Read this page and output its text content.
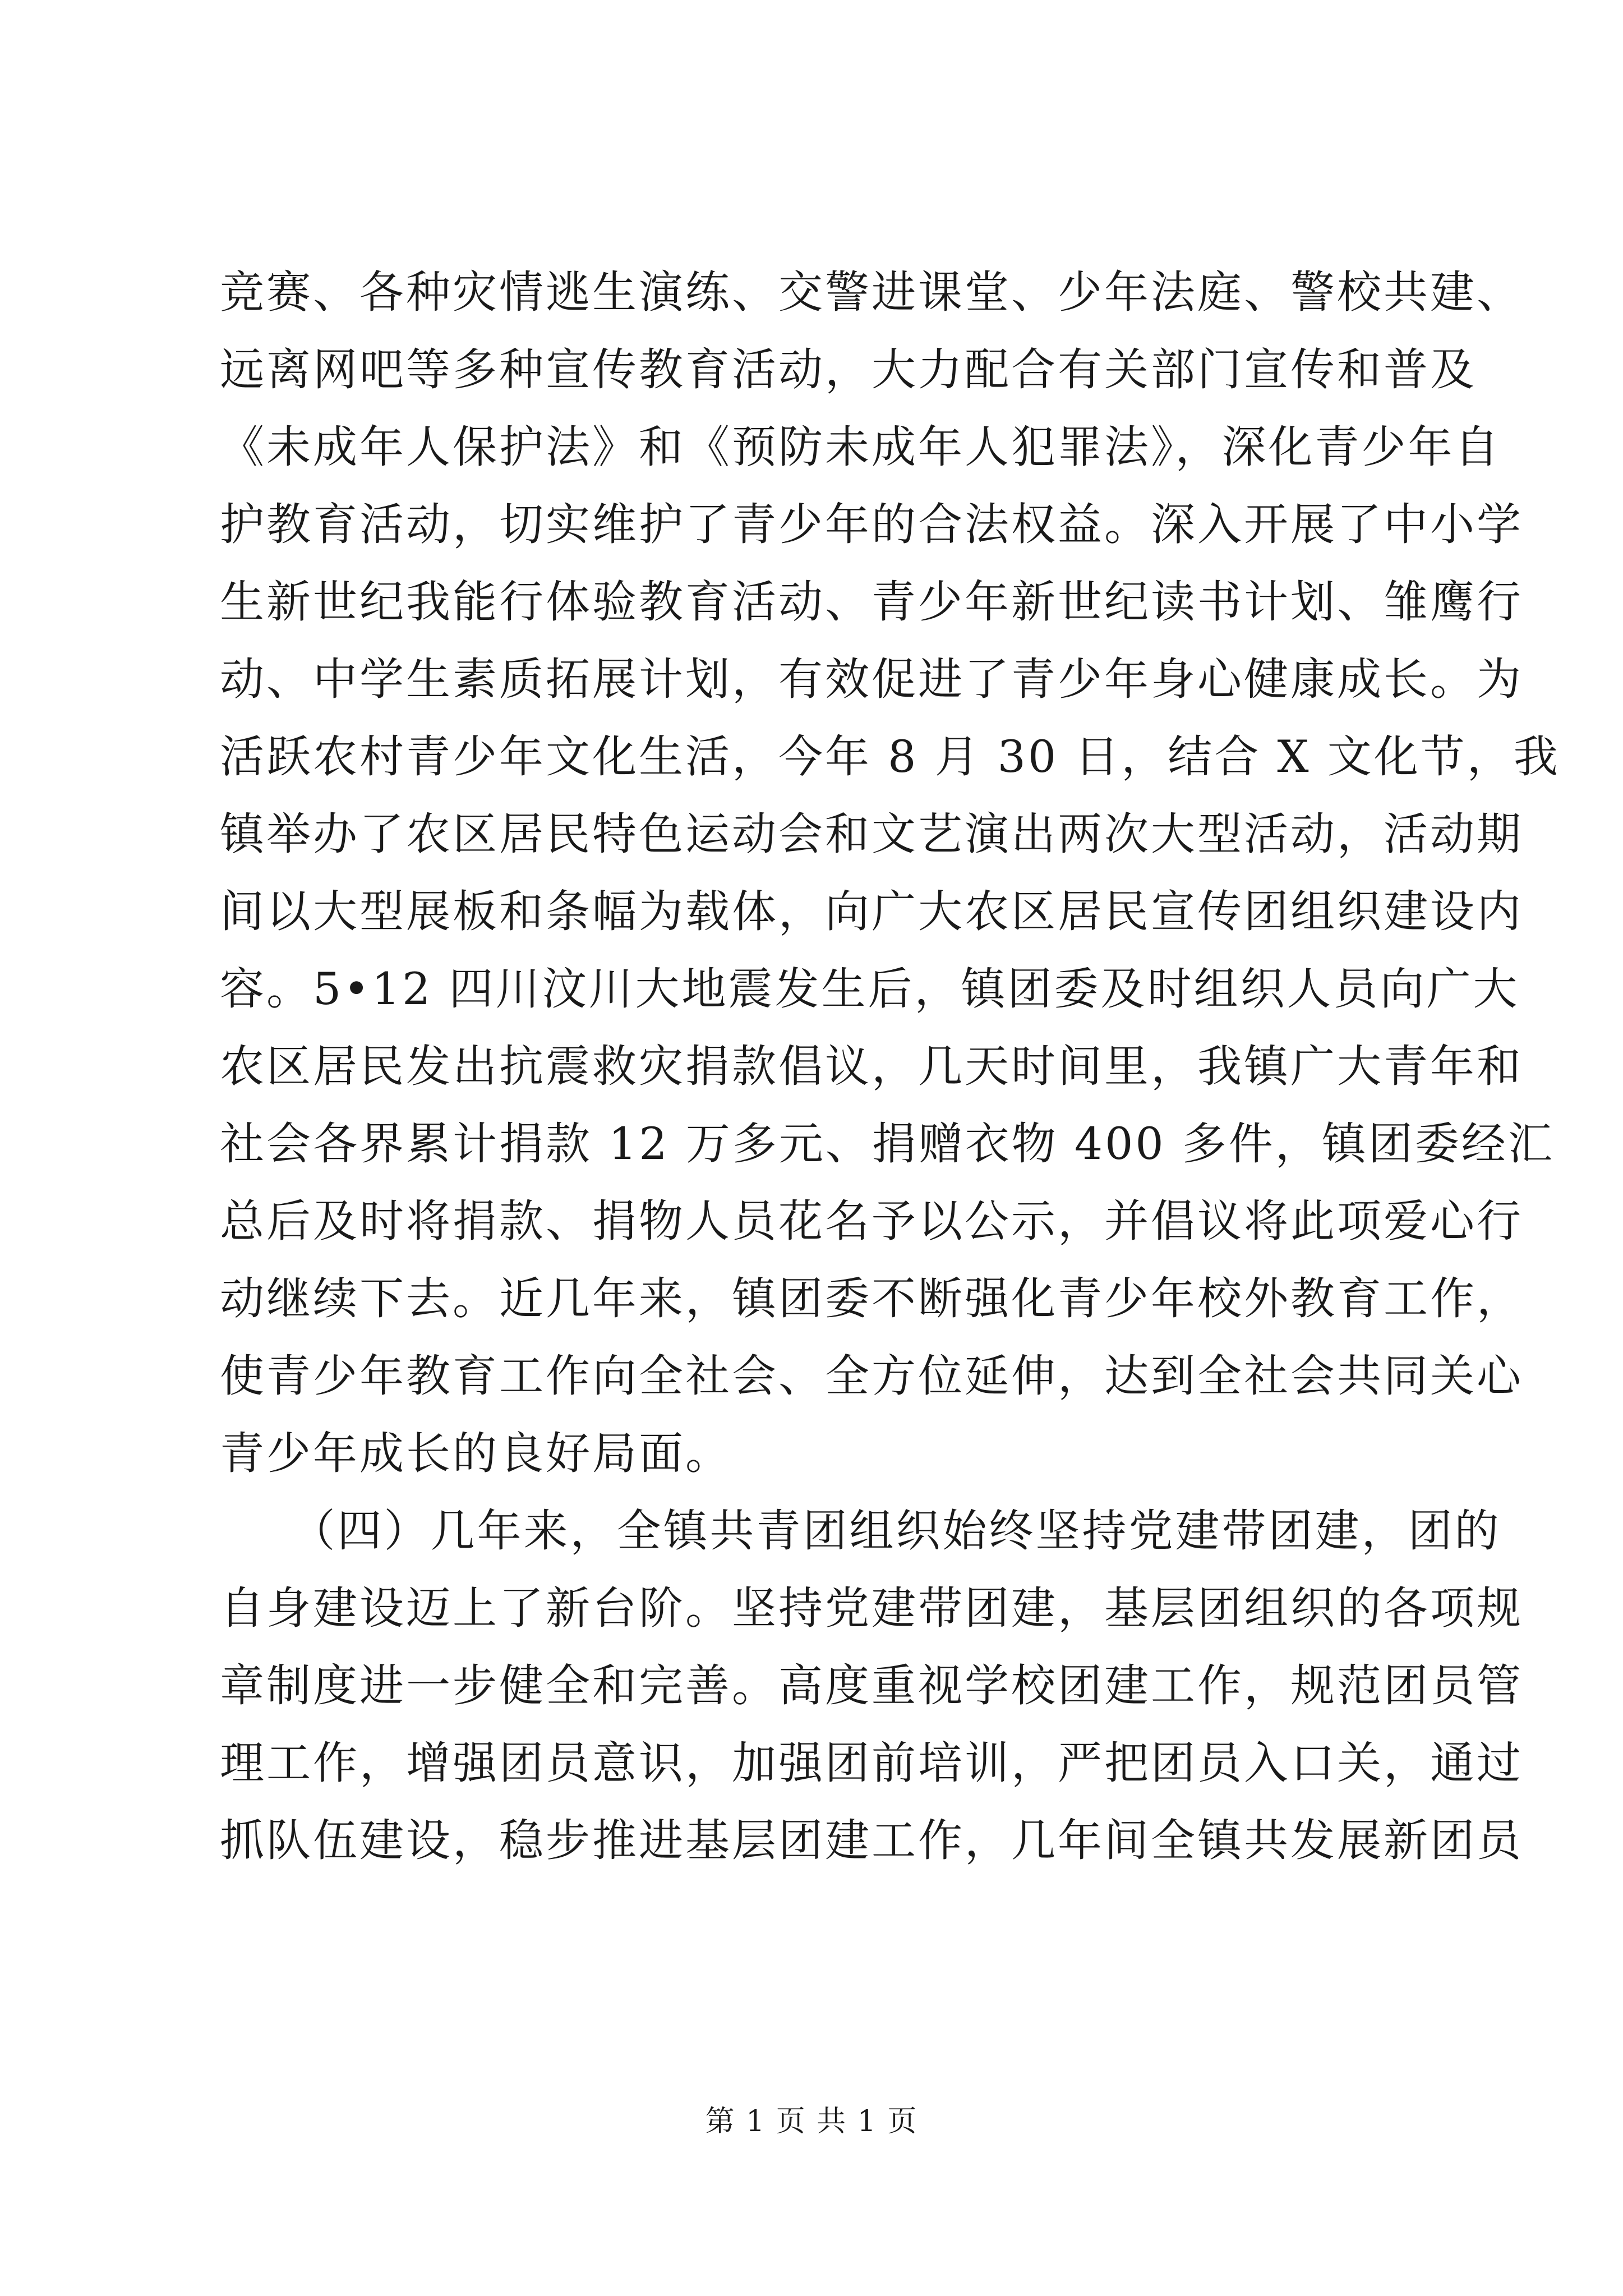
竞赛、各种灾情逃生演练、交警进课堂、少年法庭、警校共建、
远离网吧等多种宣传教育活动，大力配合有关部门宣传和普及
《未成年人保护法》和《预防未成年人犯罪法》，深化青少年自
护教育活动，切实维护了青少年的合法权益。深入开展了中小学
生新世纪我能行体验教育活动、青少年新世纪读书计划、雏鹰行
动、中学生素质拓展计划，有效促进了青少年身心健康成长。为
活跃农村青少年文化生活，今年 8 月 30 日，结合 X 文化节，我
镇举办了农区居民特色运动会和文艺演出两次大型活动，活动期
间以大型展板和条幅为载体，向广大农区居民宣传团组织建设内
容。5•12 四川汶川大地震发生后，镇团委及时组织人员向广大
农区居民发出抗震救灾捐款倡议，几天时间里，我镇广大青年和
社会各界累计捐款 12 万多元、捐赠衣物 400 多件，镇团委经汇
总后及时将捐款、捐物人员花名予以公示，并倡议将此项爱心行
动继续下去。近几年来，镇团委不断强化青少年校外教育工作，
使青少年教育工作向全社会、全方位延伸，达到全社会共同关心
青少年成长的良好局面。
　　（四）几年来，全镇共青团组织始终坚持党建带团建，团的
自身建设迈上了新台阶。坚持党建带团建，基层团组织的各项规
章制度进一步健全和完善。高度重视学校团建工作，规范团员管
理工作，增强团员意识，加强团前培训，严把团员入口关，通过
抓队伍建设，稳步推进基层团建工作，几年间全镇共发展新团员
第 1 页 共 1 页
